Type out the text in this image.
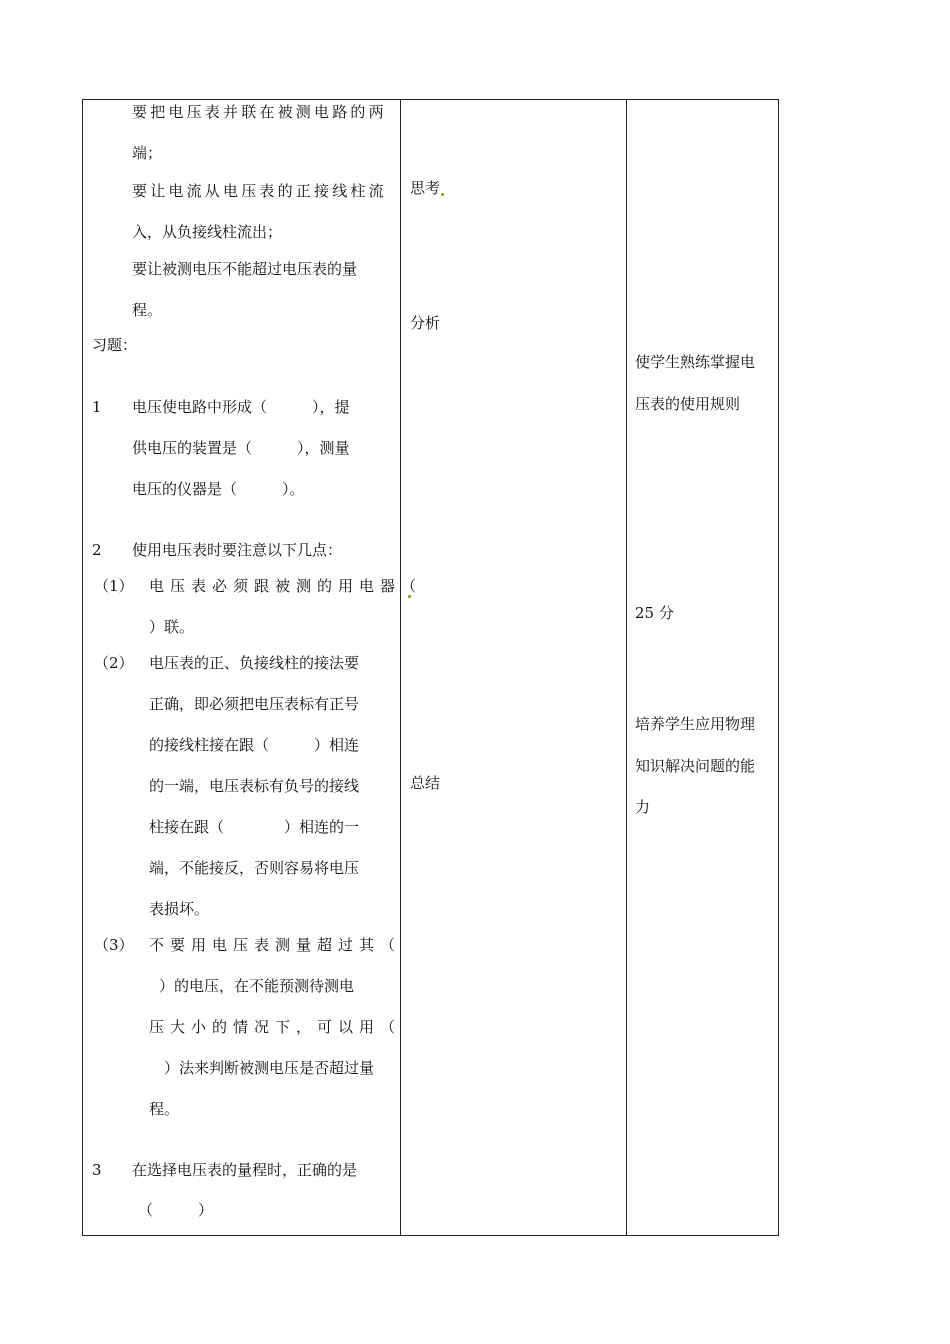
要把电压表并联在被测电路的两
端；
要让电流从电压表的正接线柱流
入，从负接线柱流出；
要让被测电压不能超过电压表的量
程。
习题：
1 电压使电路中形成（　　　），提
供电压的装置是（　　　），测量
电压的仪器是（　　　）。
2 使用电压表时要注意以下几点：
（1） 电压表必须跟被测的用电器（
）联。
（2） 电压表的正、负接线柱的接法要
正确，即必须把电压表标有正号
的接线柱接在跟（　　　）相连
的一端，电压表标有负号的接线
柱接在跟（　　　　）相连的一
端，不能接反，否则容易将电压
表损坏。
（3） 不要用电压表测量超过其（
）的电压，在不能预测待测电
压大小的情况下，可以用（
）法来判断被测电压是否超过量
程。
3 在选择电压表的量程时，正确的是
（　　　）
思考
分析
总结
使学生熟练掌握电
压表的使用规则
25 分
培养学生应用物理
知识解决问题的能
力
